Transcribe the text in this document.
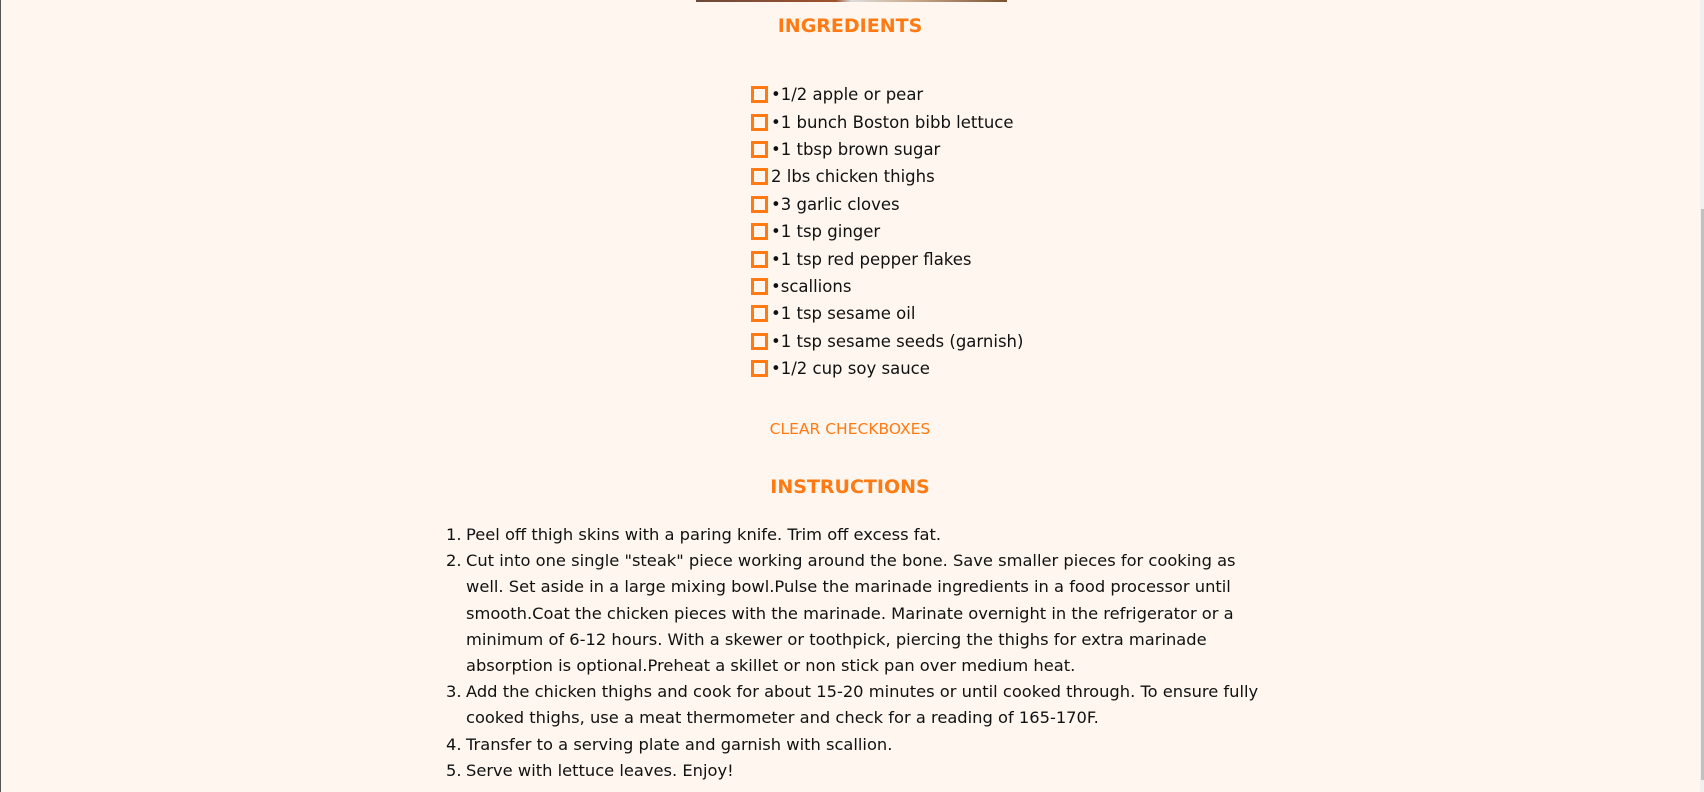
INGREDIENTS
•1/2 apple or pear
•1 bunch Boston bibb lettuce
•1 tbsp brown sugar
2 lbs chicken thighs
•3 garlic cloves
•1 tsp ginger
•1 tsp red pepper flakes
•scallions
•1 tsp sesame oil
•1 tsp sesame seeds (garnish)
•1/2 cup soy sauce
CLEAR CHECKBOXES
INSTRUCTIONS
Peel off thigh skins with a paring knife. Trim off excess fat.
Cut into one single "steak" piece working around the bone. Save smaller pieces for cooking as well. Set aside in a large mixing bowl.Pulse the marinade ingredients in a food processor until smooth.Coat the chicken pieces with the marinade. Marinate overnight in the refrigerator or a minimum of 6-12 hours. With a skewer or toothpick, piercing the thighs for extra marinade absorption is optional.Preheat a skillet or non stick pan over medium heat.
Add the chicken thighs and cook for about 15-20 minutes or until cooked through. To ensure fully cooked thighs, use a meat thermometer and check for a reading of 165-170F.
Transfer to a serving plate and garnish with scallion.
Serve with lettuce leaves. Enjoy!
